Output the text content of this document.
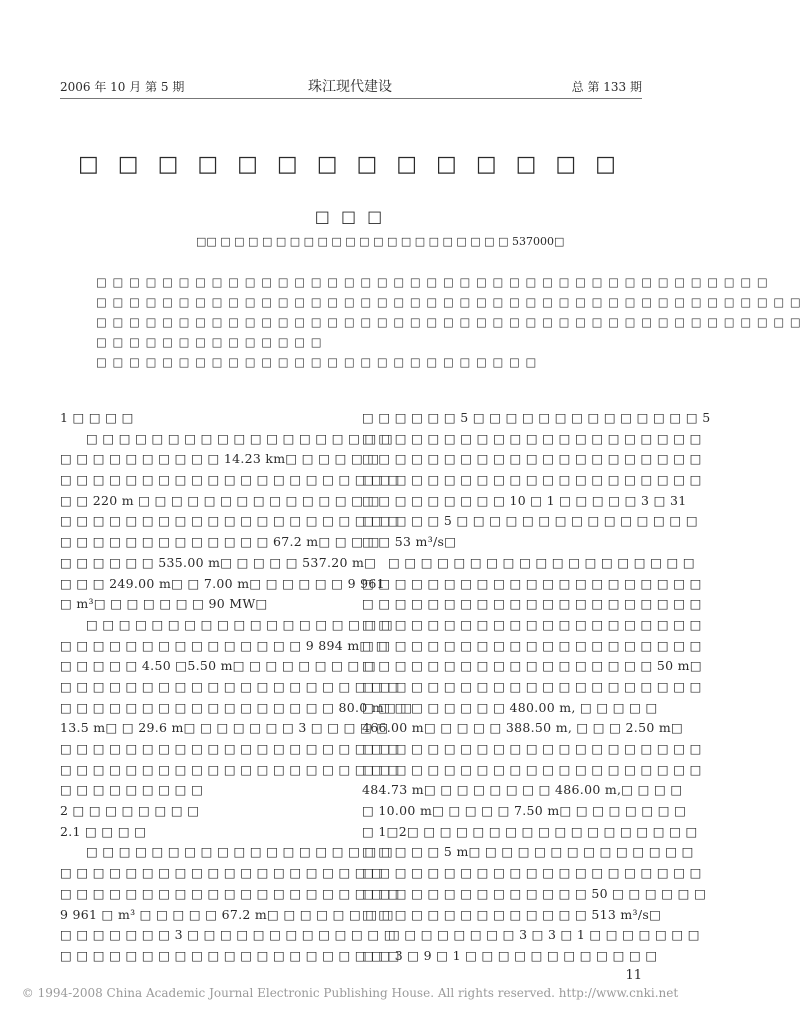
2006 年 10 月 第 5 期	珠江现代建设	总 第 133 期
□ □ □ □ □ □ □ □ □ □ □ □ □ □
□ □ □
□□ □ □ □ □ □ □ □ □ □ □ □ □ □ □ □ □ □ □ □ □ □ 537000□
□ □ □ □ □ □ □ □ □ □ □ □ □ □ □ □ □ □ □ □ □ □ □ □ □ □ □ □ □ □ □ □ □ □ □ □ □ □ □ □ □
□ □ □ □ □ □ □ □ □ □ □ □ □ □ □ □ □ □ □ □ □ □ □ □ □ □ □ □ □ □ □ □ □ □ □ □ □ □ □ □ □ □ □
□ □ □ □ □ □ □ □ □ □ □ □ □ □ □ □ □ □ □ □ □ □ □ □ □ □ □ □ □ □ □ □ □ □ □ □ □ □ □ □ □ □ □
□ □ □ □ □ □ □ □ □ □ □ □ □ □
□ □ □ □ □ □ □ □ □ □ □ □ □ □ □ □ □ □ □ □ □ □ □ □ □ □ □
1 □ □ □ □
□ □ □ □ □ □ □ □ □ □ □ □ □ □ □ □ □ □ □
□ □ □ □ □ □ □ □ □ □ 14.23 km□ □ □ □ □ □
□ □ □ □ □ □ □ □ □ □ □ □ □ □ □ □ □ □ □ □ □
□ □ 220 m □ □ □ □ □ □ □ □ □ □ □ □ □ □ □
□ □ □ □ □ □ □ □ □ □ □ □ □ □ □ □ □ □ □ □ □
□ □ □ □ □ □ □ □ □ □ □ □ □ 67.2 m□ □ □ □
□ □ □ □ □ □ 535.00 m□ □ □ □ □ 537.20 m□
□ □ □ 249.00 m□ □ 7.00 m□ □ □ □ □ □ 9 961
□ m³□ □ □ □ □ □ □ 90 MW□
□ □ □ □ □ □ □ □ □ □ □ □ □ □ □ □ □ □ □
□ □ □ □ □ □ □ □ □ □ □ □ □ □ □ 9 894 m□ □
□ □ □ □ □ 4.50 □5.50 m□ □ □ □ □ □ □ □ □
□ □ □ □ □ □ □ □ □ □ □ □ □ □ □ □ □ □ □ □ □
□ □ □ □ □ □ □ □ □ □ □ □ □ □ □ □ □ 80.0 m□ □
13.5 m□ □ 29.6 m□ □ □ □ □ □ □ 3 □ □ □ □ □
□ □ □ □ □ □ □ □ □ □ □ □ □ □ □ □ □ □ □ □ □
□ □ □ □ □ □ □ □ □ □ □ □ □ □ □ □ □ □ □ □ □
□ □ □ □ □ □ □ □ □
2 □ □ □ □ □ □ □ □
2.1 □ □ □ □
□ □ □ □ □ □ □ □ □ □ □ □ □ □ □ □ □ □ □
□ □ □ □ □ □ □ □ □ □ □ □ □ □ □ □ □ □ □ □
□ □ □ □ □ □ □ □ □ □ □ □ □ □ □ □ □ □ □ □ □
9 961 □ m³ □ □ □ □ □ 67.2 m□ □ □ □ □ □ □ □
□ □ □ □ □ □ □ 3 □ □ □ □ □ □ □ □ □ □ □ □ □
□ □ □ □ □ □ □ □ □ □ □ □ □ □ □ □ □ □ □ □ □
□ □ □ □ □ □ 5 □ □ □ □ □ □ □ □ □ □ □ □ □ □ 5
□ □ □ □ □ □ □ □ □ □ □ □ □ □ □ □ □ □ □ □ □
□ □ □ □ □ □ □ □ □ □ □ □ □ □ □ □ □ □ □ □ □
□ □ □ □ □ □ □ □ □ □ □ □ □ □ □ □ □ □ □ □ □
□ □ □ □ □ □ □ □ □ 10 □ 1 □ □ □ □ □ 3 □ 31
□ □ □ □ □ 5 □ □ □ □ □ □ □ □ □ □ □ □ □ □ □
□ □ 53 m³/s□
□ □ □ □ □ □ □ □ □ □ □ □ □ □ □ □ □ □ □
□ □ □ □ □ □ □ □ □ □ □ □ □ □ □ □ □ □ □ □ □
□ □ □ □ □ □ □ □ □ □ □ □ □ □ □ □ □ □ □ □ □
□ □ □ □ □ □ □ □ □ □ □ □ □ □ □ □ □ □ □ □ □
□ □ □ □ □ □ □ □ □ □ □ □ □ □ □ □ □ □ □ □ □
□ □ □ □ □ □ □ □ □ □ □ □ □ □ □ □ □ □ 50 m□
□ □ □ □ □ □ □ □ □ □ □ □ □ □ □ □ □ □ □ □ □
□ □ □ □ □ □ □ □ □ 480.00 m, □ □ □ □ □
466.00 m□ □ □ □ □ 388.50 m, □ □ □ 2.50 m□
□ □ □ □ □ □ □ □ □ □ □ □ □ □ □ □ □ □ □ □ □
□ □ □ □ □ □ □ □ □ □ □ □ □ □ □ □ □ □ □ □ □
484.73 m□ □ □ □ □ □ □ □ 486.00 m,□ □ □ □
□ 10.00 m□ □ □ □ □ 7.50 m□ □ □ □ □ □ □ □
□ 1□2□ □ □ □ □ □ □ □ □ □ □ □ □ □ □ □ □ □
□ □ □ □ □ 5 m□ □ □ □ □ □ □ □ □ □ □ □ □ □
□ □ □ □ □ □ □ □ □ □ □ □ □ □ □ □ □ □ □ □ □
□ □ □ □ □ □ □ □ □ □ □ □ □ □ 50 □ □ □ □ □ □
□ □ □ □ □ □ □ □ □ □ □ □ □ □ 513 m³/s□
□ □ □ □ □ □ □ □ 3 □ 3 □ 1 □ □ □ □ □ □ □
□ □ 3 □ 9 □ 1 □ □ □ □ □ □ □ □ □ □ □ □
11
© 1994-2008 China Academic Journal Electronic Publishing House. All rights reserved. http://www.cnki.net
